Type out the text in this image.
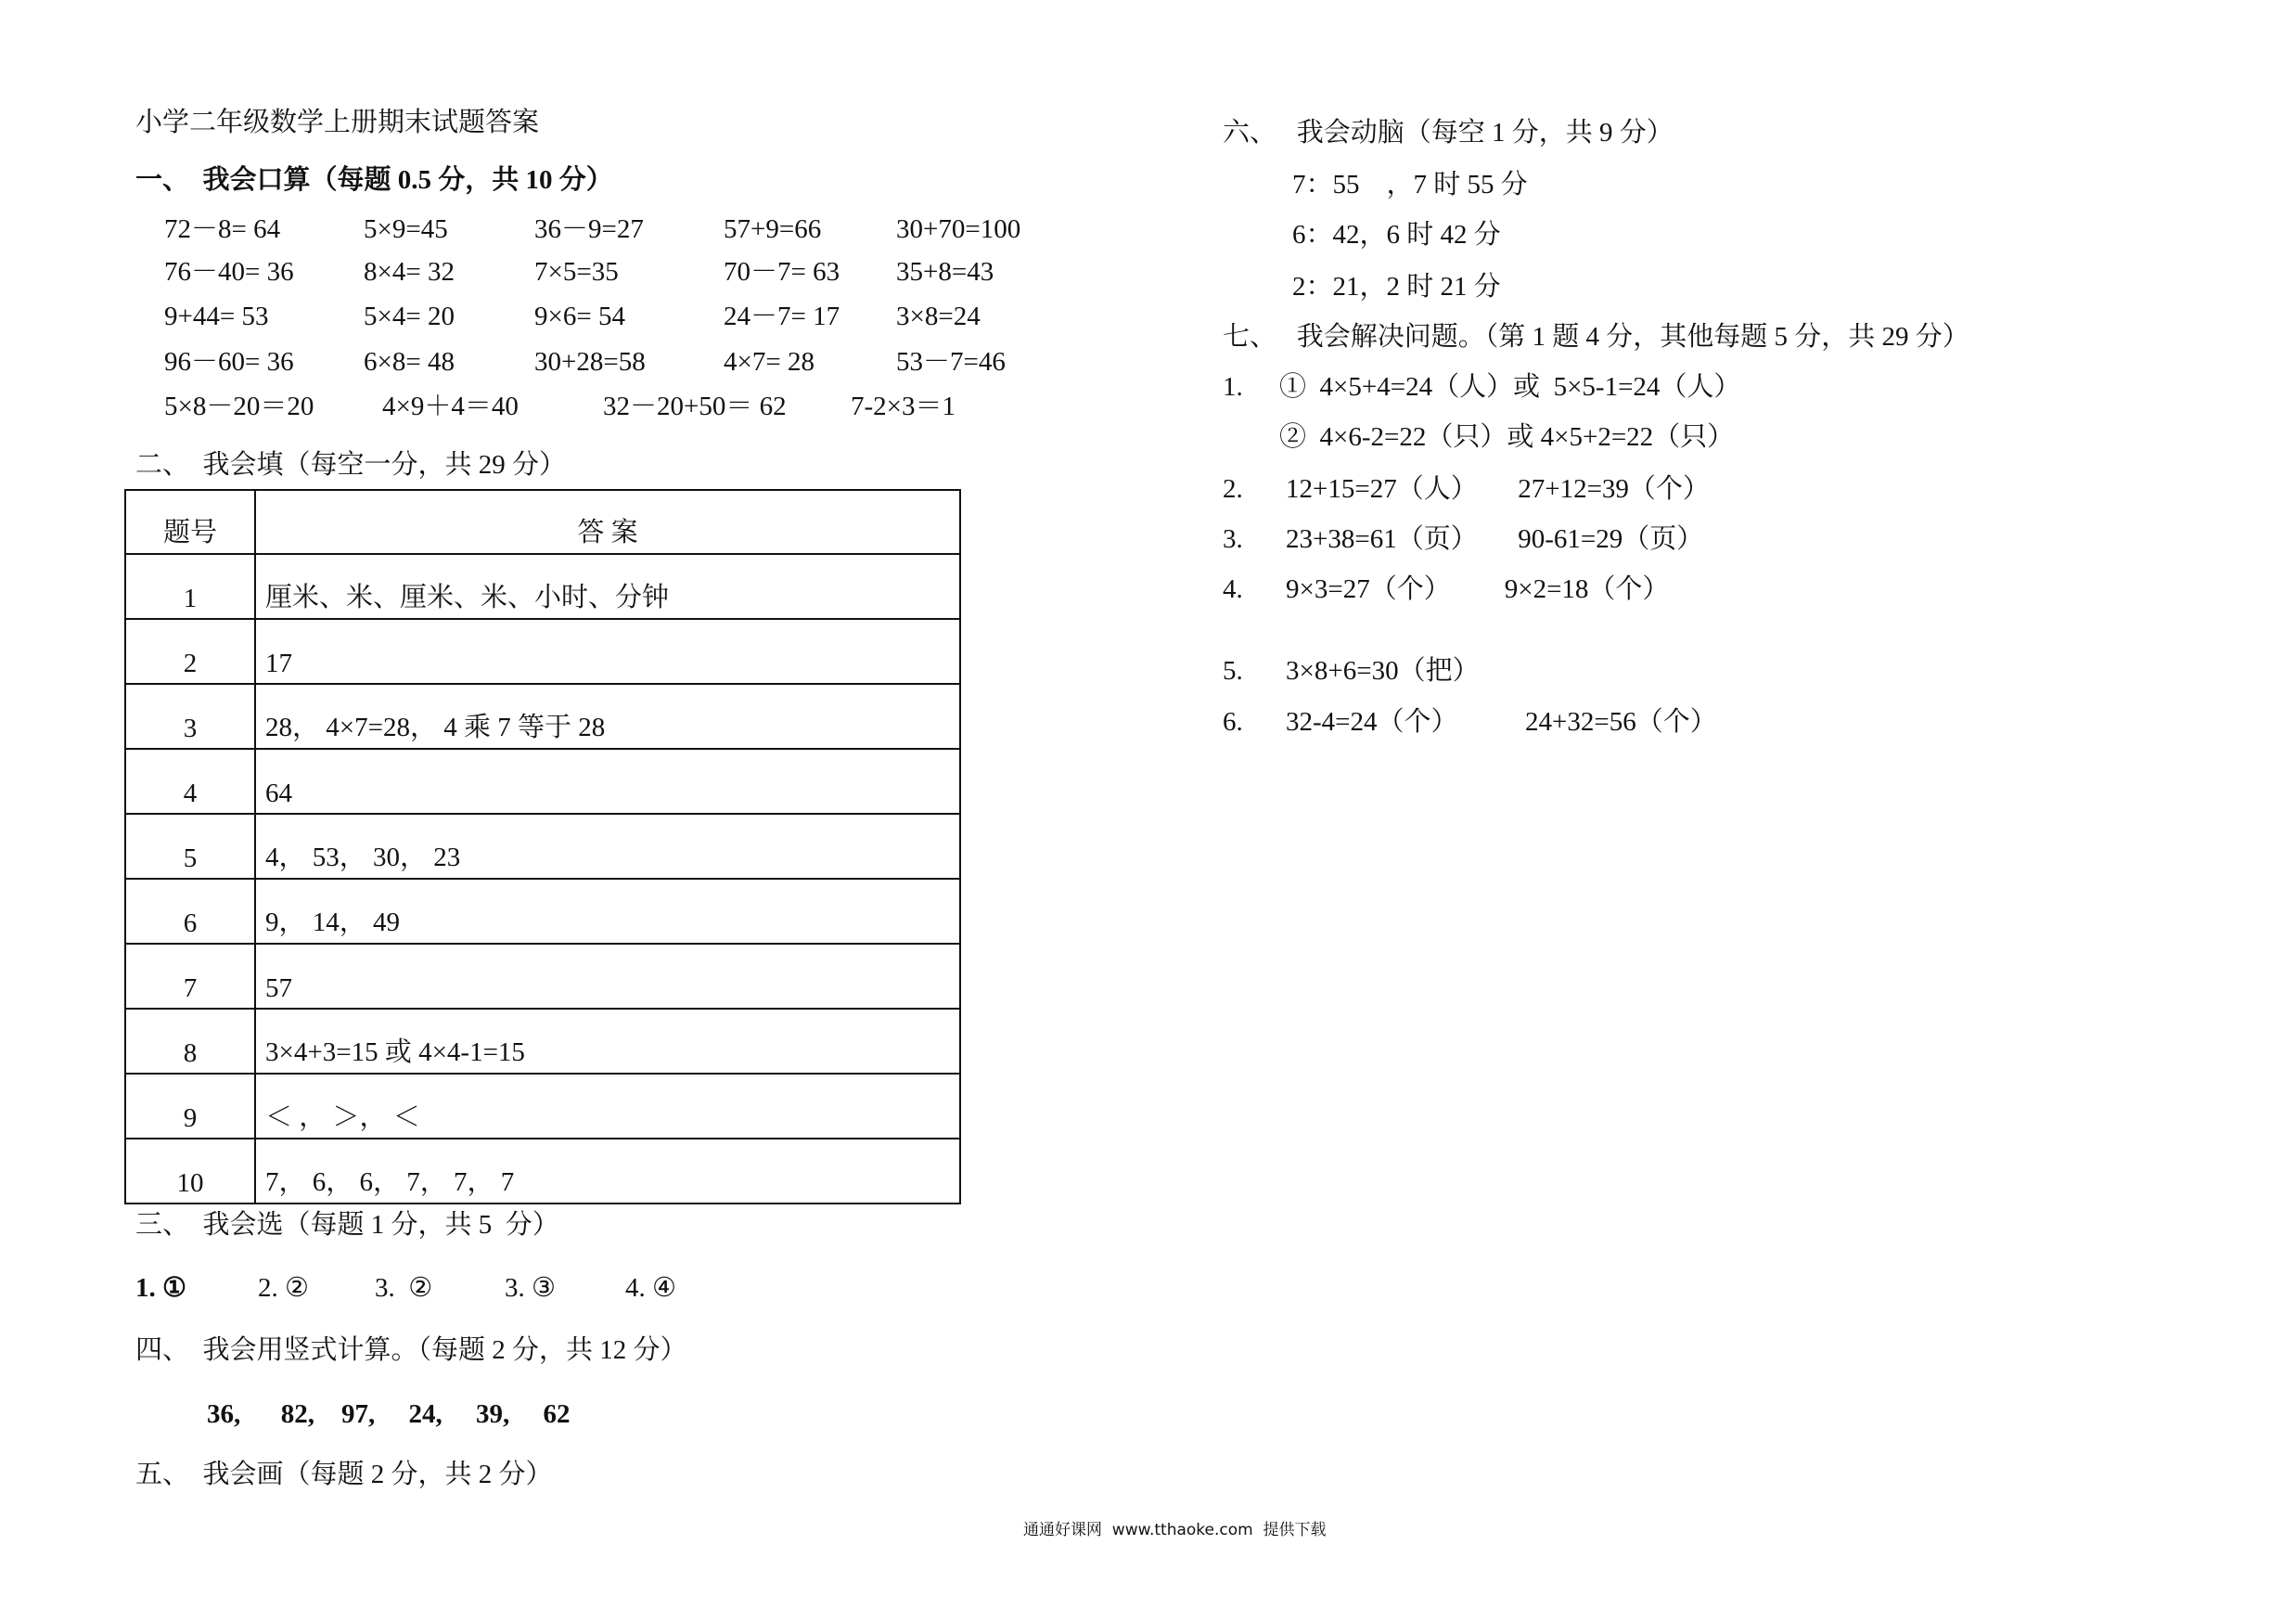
小学二年级数学上册期末试题答案
一、  我会口算（每题 0.5 分，共 10 分）
72－8= 64	5×9=45	36－9=27	57+9=66	30+70=100
76－40= 36	8×4= 32	7×5=35	70－7= 63 35+8=43
9+44= 53	5×4= 20	9×6= 54	24－7= 17 3×8=24
96－60= 36	6×8= 48	30+28=58	4×7= 28	53－7=46
5×8－20＝20	4×9＋4＝40	32－20+50＝ 62 7-2×3＝1
二、  我会填（每空一分，共 29 分）
题号	答 案
1	厘米、米、厘米、米、小时、分钟
2	17
3	28， 4×7=28， 4 乘 7 等于 28
4	64
5	4， 53， 30， 23
6	9， 14， 49
7	57
8	3×4+3=15 或 4×4-1=15
9	＜ ， ＞， ＜
10	7， 6， 6， 7， 7， 7
三、  我会选（每题 1 分，共 5  分）
1. ①	2. ② 3.  ②	3. ③	4. ④
四、  我会用竖式计算。（每题 2 分，共 12 分）
36,      82,    97,     24,     39,     62
五、  我会画（每题 2 分，共 2 分）
六、   我会动脑（每空 1 分，共 9 分）
7：55    ，7 时 55 分
6：42，6 时 42 分
2：21，2 时 21 分
七、   我会解决问题。（第 1 题 4 分，其他每题 5 分，共 29 分）
1. ①  4×5+4=24（人）或  5×5-1=24（人）
②  4×6-2=22（只）或 4×5+2=22（只）
2. 12+15=27（人）      27+12=39（个）
3. 23+38=61（页）      90-61=29（页）
4. 9×3=27（个）        9×2=18（个）
5. 3×8+6=30（把）
6. 32-4=24（个）          24+32=56（个）
通通好课网  www.tthaoke.com  提供下载
